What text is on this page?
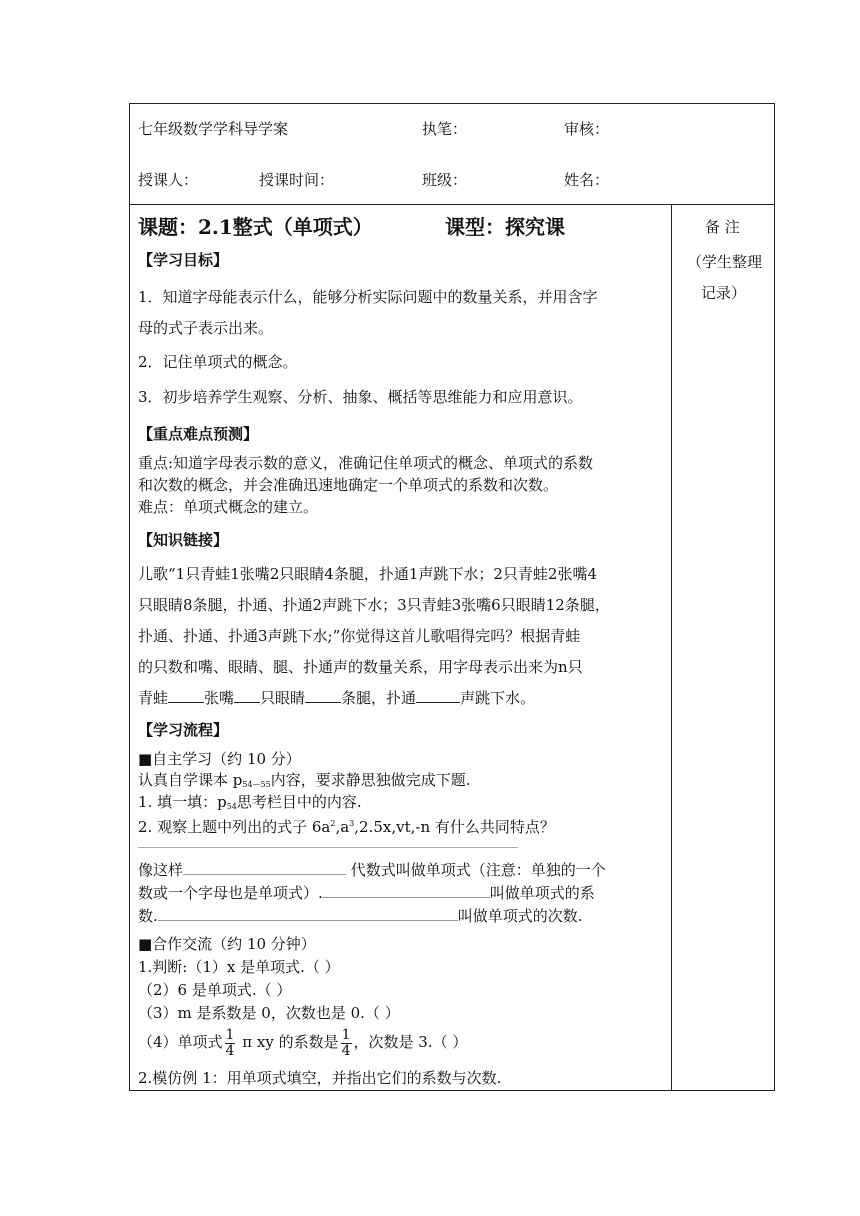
七年级数学学科导学案	执笔：	审核：
授课人：	授课时间：	班级：	姓名：
课题：2.1整式（单项式）	课型：探究课	备 注
（学生整理
记录）
【学习目标】
1．知道字母能表示什么，能够分析实际问题中的数量关系，并用含字
母的式子表示出来。
2．记住单项式的概念。
3．初步培养学生观察、分析、抽象、概括等思维能力和应用意识。
【重点难点预测】
重点:知道字母表示数的意义，准确记住单项式的概念、单项式的系数
和次数的概念，并会准确迅速地确定一个单项式的系数和次数。
难点：单项式概念的建立。
【知识链接】
儿歌“1只青蛙1张嘴2只眼睛4条腿，扑通1声跳下水；2只青蛙2张嘴4
只眼睛8条腿，扑通、扑通2声跳下水；3只青蛙3张嘴6只眼睛12条腿，
扑通、扑通、扑通3声跳下水;”你觉得这首儿歌唱得完吗？根据青蛙
的只数和嘴、眼睛、腿、扑通声的数量关系，用字母表示出来为n只
青蛙 张嘴 只眼睛 条腿，扑通	声跳下水。
【学习流程】
■自主学习（约 10 分）
认真自学课本 $p_{54—55}$内容，要求静思独做完成下题.
1. 填一填：$p_{54}$思考栏目中的内容.
2. 观察上题中列出的式子 $6a^2,a^3,2.5x,vt,-n$ 有什么共同特点？
像这样	代数式叫做单项式（注意：单独的一个
数或一个字母也是单项式）.	叫做单项式的系
数.	叫做单项式的次数.
■合作交流（约 10 分钟）
1.判断:（1）x 是单项式.（ ）
（2）6 是单项式.（ ）
（3）m 是系数是 0，次数也是 0.（ ）
（4）单项式 $\frac{1}{4}$ π xy 的系数是 $\frac{1}{4}$ ，次数是 3.（ ）
2.模仿例 1：用单项式填空，并指出它们的系数与次数.
